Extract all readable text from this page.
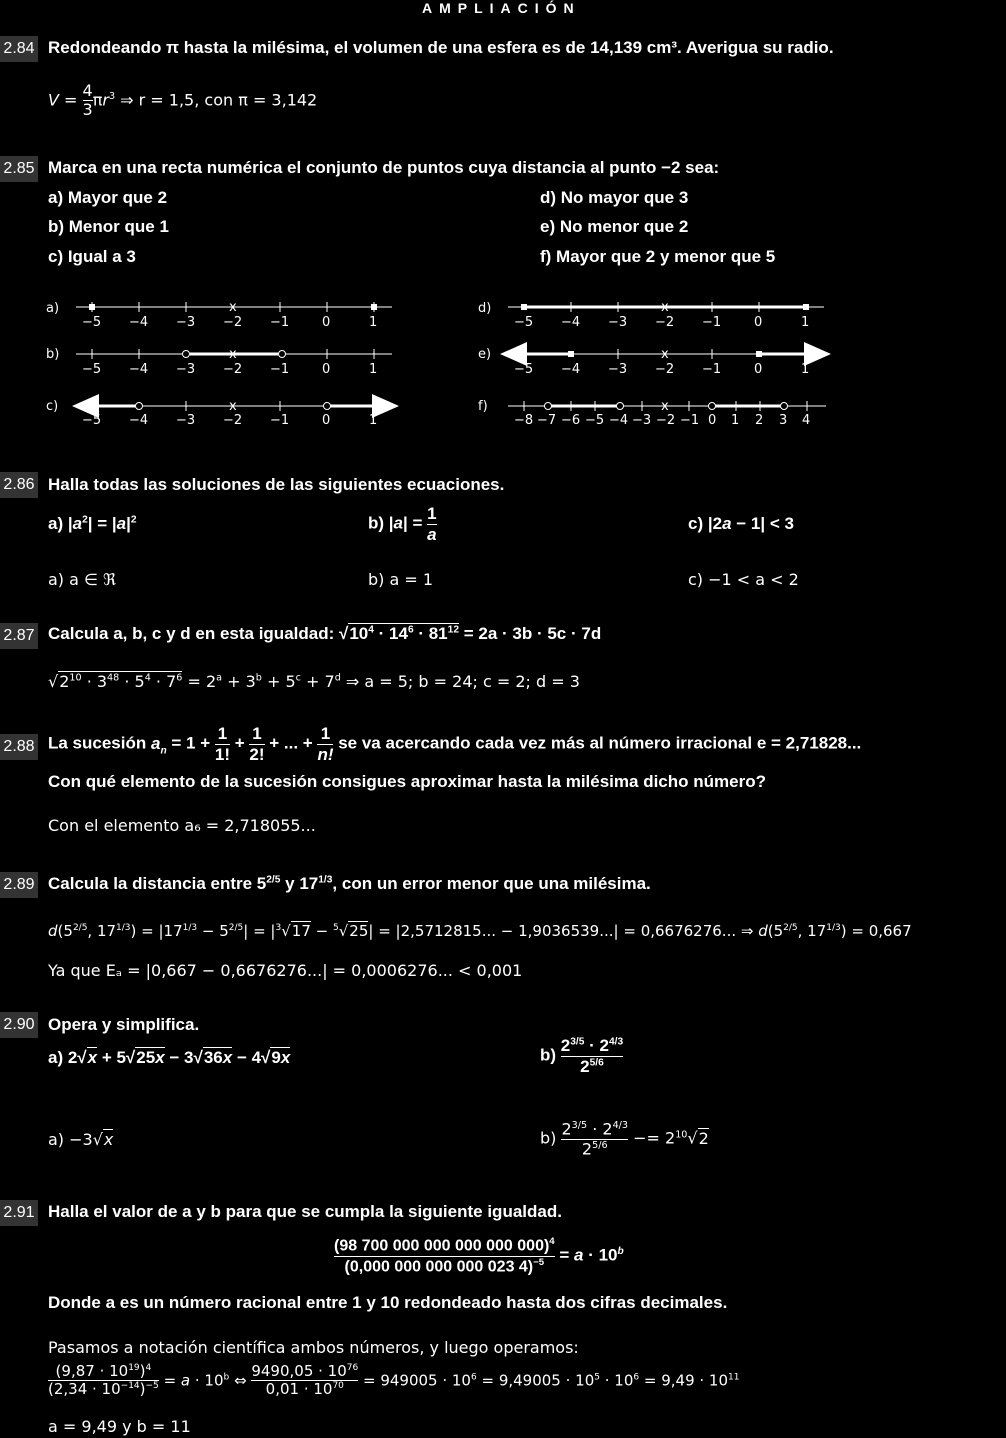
AMPLIACIÓN
2.84 Redondeando π hasta la milésima, el volumen de una esfera es de 14,139 cm³. Averigua su radio.
$V = \frac{4}{3} \pi r^3$ ⇒ r = 1,5, con π = 3,142
2.85 Marca en una recta numérica el conjunto de puntos cuya distancia al punto −2 sea:
a) Mayor que 2
b) Menor que 1
c) Igual a 3
d) No mayor que 3
e) No menor que 2
f) Mayor que 2 y menor que 5
a)
b)
c)
d)
e)
f)
x
−5 −4 −3 −2 −1	0	1
x
−5 −4 −3 −2 −1	0	1
x
−5 −4 −3 −2 −1	0	1
x
−5 −4 −3 −2 −1	0	1
x
−5 −4 −3 −2 −1	0	1
x
−8 −7 −6 −5 −4 −3 −2 −1 0 1 2 3 4
2.86 Halla todas las soluciones de las siguientes ecuaciones.
a) $|a^2| = |a|^2$	b) $|a| = \frac{1}{a}$	c) |2a − 1| < 3
a) a ∈ ℜ	b) a = 1	c) −1 < a < 2
2.87 Calcula a, b, c y d en esta igualdad: $√10^4 \cdot 14^6 \cdot 81^{12} = 2a \cdot 3b \cdot 5c \cdot 7d$
$√2^{10} \cdot 3^{48} \cdot 5^4 \cdot 7^6 = 2^a + 3^b + 5^c + 7^d$ ⇒ a = 5; b = 24; c = 2; d = 3
2.88 La sucesión $a_n = 1 + \frac{1}{1!} + \frac{1}{2!}$ + ... + $\frac{1}{n!}$ se va acercando cada vez más al número irracional e = 2,71828...
Con qué elemento de la sucesión consigues aproximar hasta la milésima dicho número?
Con el elemento a₆ = 2,718055...
2.89 Calcula la distancia entre $5^{2/5}$ y $17^{1/3}$, con un error menor que una milésima.
$d(5^{2/5}$, $17^{1/3}) = |17^{1/3} - 5^{2/5}| = |^3√17 - ^5√25| = |2,5712815$... − 1,9036539...| = 0,6676276... ⇒ $d(5^{2/5}$, $17^{1/3}) = 0,667$
Ya que Eₐ = |0,667 − 0,6676276...| = 0,0006276... < 0,001
2.90 Opera y simplifica.
a) 2√x + 5√25x − 3√36x − 4√9x	$b) \frac{2^{3/5} \cdot 2^{4/3}}{2^{5/6}}$
a) −3√x	$b) \frac{2^{3/5} \cdot 2^{4/3}}{2^{5/6}} -= 2^{10}√2$
2.91 Halla el valor de a y b para que se cumpla la siguiente igualdad.
$\frac{(98 700 000 000 000 000 000)^4}{(0,000 000 000 000 023 4)^{-5}} = a \cdot 10^b$
Donde a es un número racional entre 1 y 10 redondeado hasta dos cifras decimales.
Pasamos a notación científica ambos números, y luego operamos:
$\frac{(9,87 \cdot 10^{19})^4}{(2,34 \cdot 10^{-14})^{-5}} = a \cdot 10^b$ ⇔ $\frac{9490,05 \cdot 10^{76}}{0,01 \cdot 10^{70}} = 949005 \cdot 10^6 = 9,49005 \cdot 10^5 \cdot 10^6 = 9,49 \cdot 10^{11}$
a = 9,49 y b = 11
